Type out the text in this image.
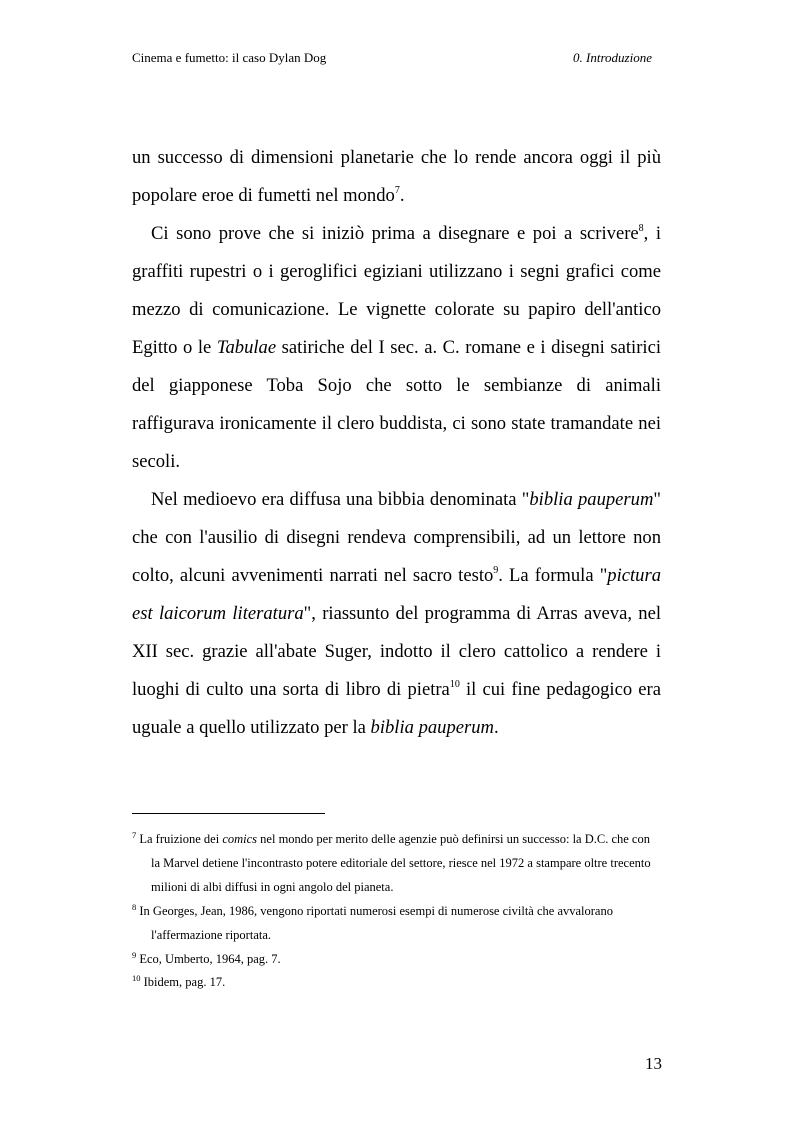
Cinema e fumetto: il caso Dylan Dog	0. Introduzione

un successo di dimensioni planetarie che lo rende ancora oggi il più popolare eroe di fumetti nel mondo$^7$.

Ci sono prove che si iniziò prima a disegnare e poi a scrivere$^8$, i graffiti rupestri o i geroglifici egiziani utilizzano i segni grafici come mezzo di comunicazione. Le vignette colorate su papiro dell'antico Egitto o le Tabulae satiriche del I sec. a. C. romane e i disegni satirici del giapponese Toba Sojo che sotto le sembianze di animali raffigurava ironicamente il clero buddista, ci sono state tramandate nei secoli.

Nel medioevo era diffusa una bibbia denominata "biblia pauperum" che con l'ausilio di disegni rendeva comprensibili, ad un lettore non colto, alcuni avvenimenti narrati nel sacro testo$^9$. La formula "pictura est laicorum literatura", riassunto del programma di Arras aveva, nel XII sec. grazie all'abate Suger, indotto il clero cattolico a rendere i luoghi di culto una sorta di libro di pietra$^{10}$ il cui fine pedagogico era uguale a quello utilizzato per la biblia pauperum.

$^7$ La fruizione dei comics nel mondo per merito delle agenzie può definirsi un successo: la D.C. che con la Marvel detiene l'incontrasto potere editoriale del settore, riesce nel 1972 a stampare oltre trecento milioni di albi diffusi in ogni angolo del pianeta.

$^8$ In Georges, Jean, 1986, vengono riportati numerosi esempi di numerose civiltà che avvalorano l'affermazione riportata.

$^9$ Eco, Umberto, 1964, pag. 7.

$^{10}$ Ibidem, pag. 17.

13
